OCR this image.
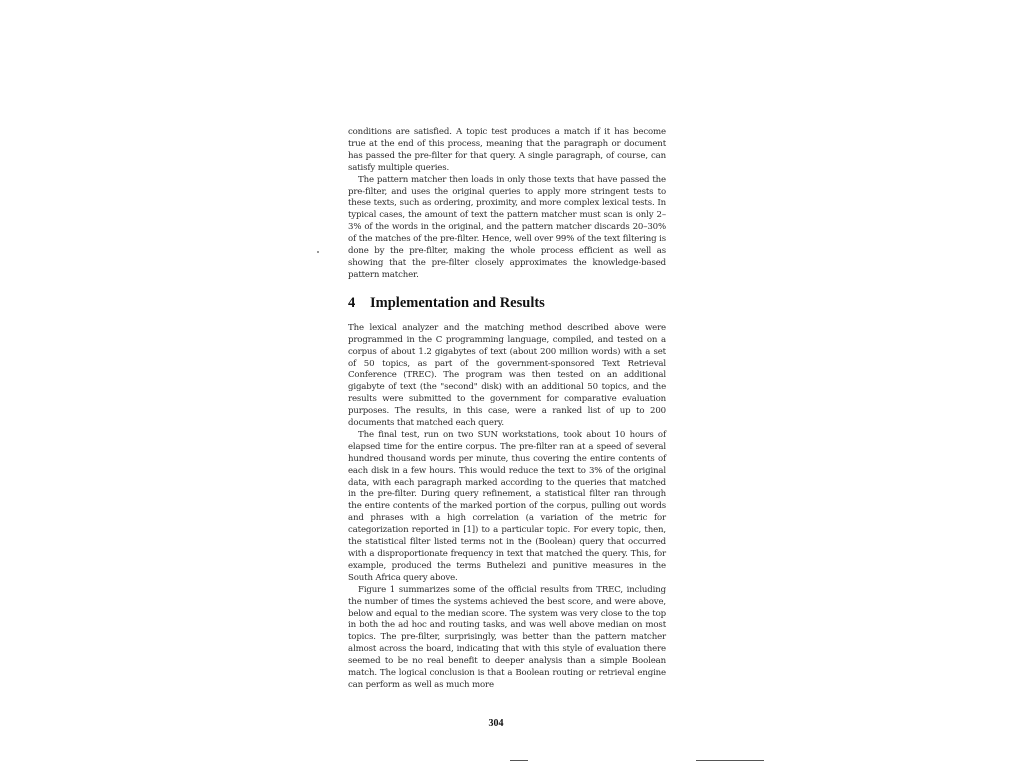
conditions are satisfied. A topic test produces a match if it has become true at the end of this process, meaning that the paragraph or document has passed the pre-filter for that query. A single paragraph, of course, can satisfy multiple queries.

The pattern matcher then loads in only those texts that have passed the pre-filter, and uses the original queries to apply more stringent tests to these texts, such as ordering, proximity, and more complex lexical tests. In typical cases, the amount of text the pattern matcher must scan is only 2–3% of the words in the original, and the pattern matcher discards 20–30% of the matches of the pre-filter. Hence, well over 99% of the text filtering is done by the pre-filter, making the whole process efficient as well as showing that the pre-filter closely approximates the knowledge-based pattern matcher.

4 Implementation and Results

The lexical analyzer and the matching method described above were programmed in the C programming language, compiled, and tested on a corpus of about 1.2 gigabytes of text (about 200 million words) with a set of 50 topics, as part of the government-sponsored Text Retrieval Conference (TREC). The program was then tested on an additional gigabyte of text (the "second" disk) with an additional 50 topics, and the results were submitted to the government for comparative evaluation purposes. The results, in this case, were a ranked list of up to 200 documents that matched each query.

The final test, run on two SUN workstations, took about 10 hours of elapsed time for the entire corpus. The pre-filter ran at a speed of several hundred thousand words per minute, thus covering the entire contents of each disk in a few hours. This would reduce the text to 3% of the original data, with each paragraph marked according to the queries that matched in the pre-filter. During query refinement, a statistical filter ran through the entire contents of the marked portion of the corpus, pulling out words and phrases with a high correlation (a variation of the metric for categorization reported in [1]) to a particular topic. For every topic, then, the statistical filter listed terms not in the (Boolean) query that occurred with a disproportionate frequency in text that matched the query. This, for example, produced the terms Buthelezi and punitive measures in the South Africa query above.

Figure 1 summarizes some of the official results from TREC, including the number of times the systems achieved the best score, and were above, below and equal to the median score. The system was very close to the top in both the ad hoc and routing tasks, and was well above median on most topics. The pre-filter, surprisingly, was better than the pattern matcher almost across the board, indicating that with this style of evaluation there seemed to be no real benefit to deeper analysis than a simple Boolean match. The logical conclusion is that a Boolean routing or retrieval engine can perform as well as much more

304
